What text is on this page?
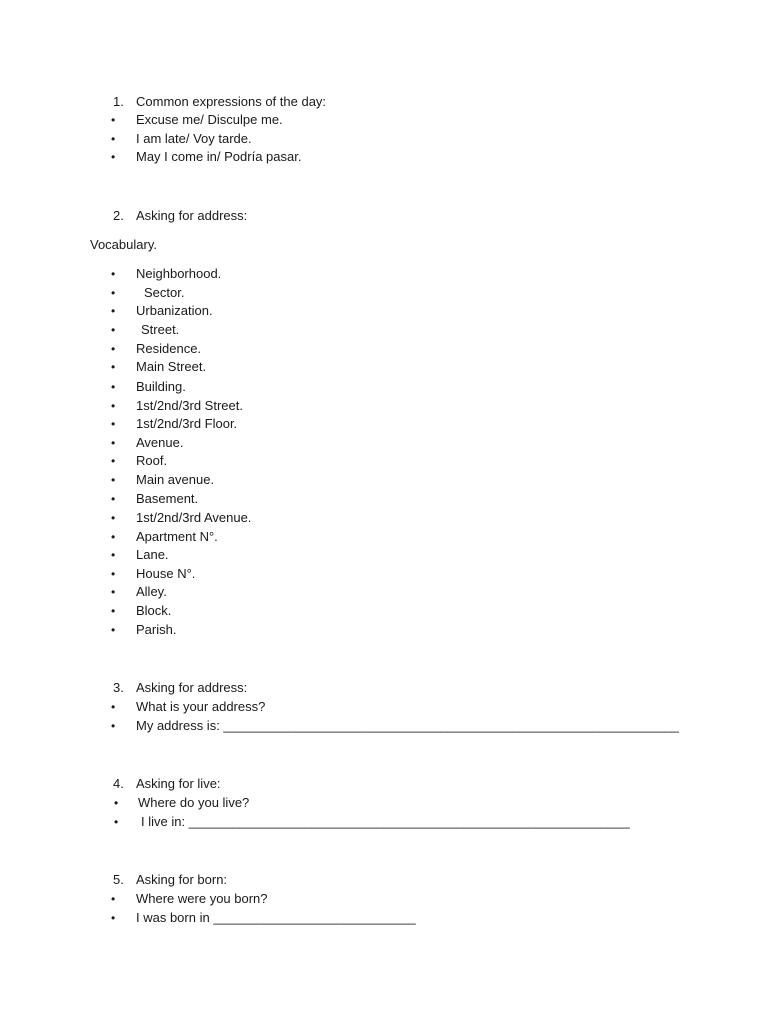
1. Common expressions of the day:
•	Excuse me/ Disculpe me.
•	I am late/ Voy tarde.
•	May I come in/ Podría pasar.
2. Asking for address:
Vocabulary.
•	Neighborhood.
•	Sector.
•	Urbanization.
•	Street.
•	Residence.
•	Main Street.
•	Building.
•	1st/2nd/3rd Street.
•	1st/2nd/3rd Floor.
•	Avenue.
•	Roof.
•	Main avenue.
•	Basement.
•	1st/2nd/3rd Avenue.
•	Apartment N°.
•	Lane.
•	House N°.
•	Alley.
•	Block.
•	Parish.
3. Asking for address:
•	What is your address?
•	My address is: _______________________________________________________________
4. Asking for live:
•	Where do you live?
•	I live in: _____________________________________________________________
5. Asking for born:
•	Where were you born?
•	I was born in ____________________________
